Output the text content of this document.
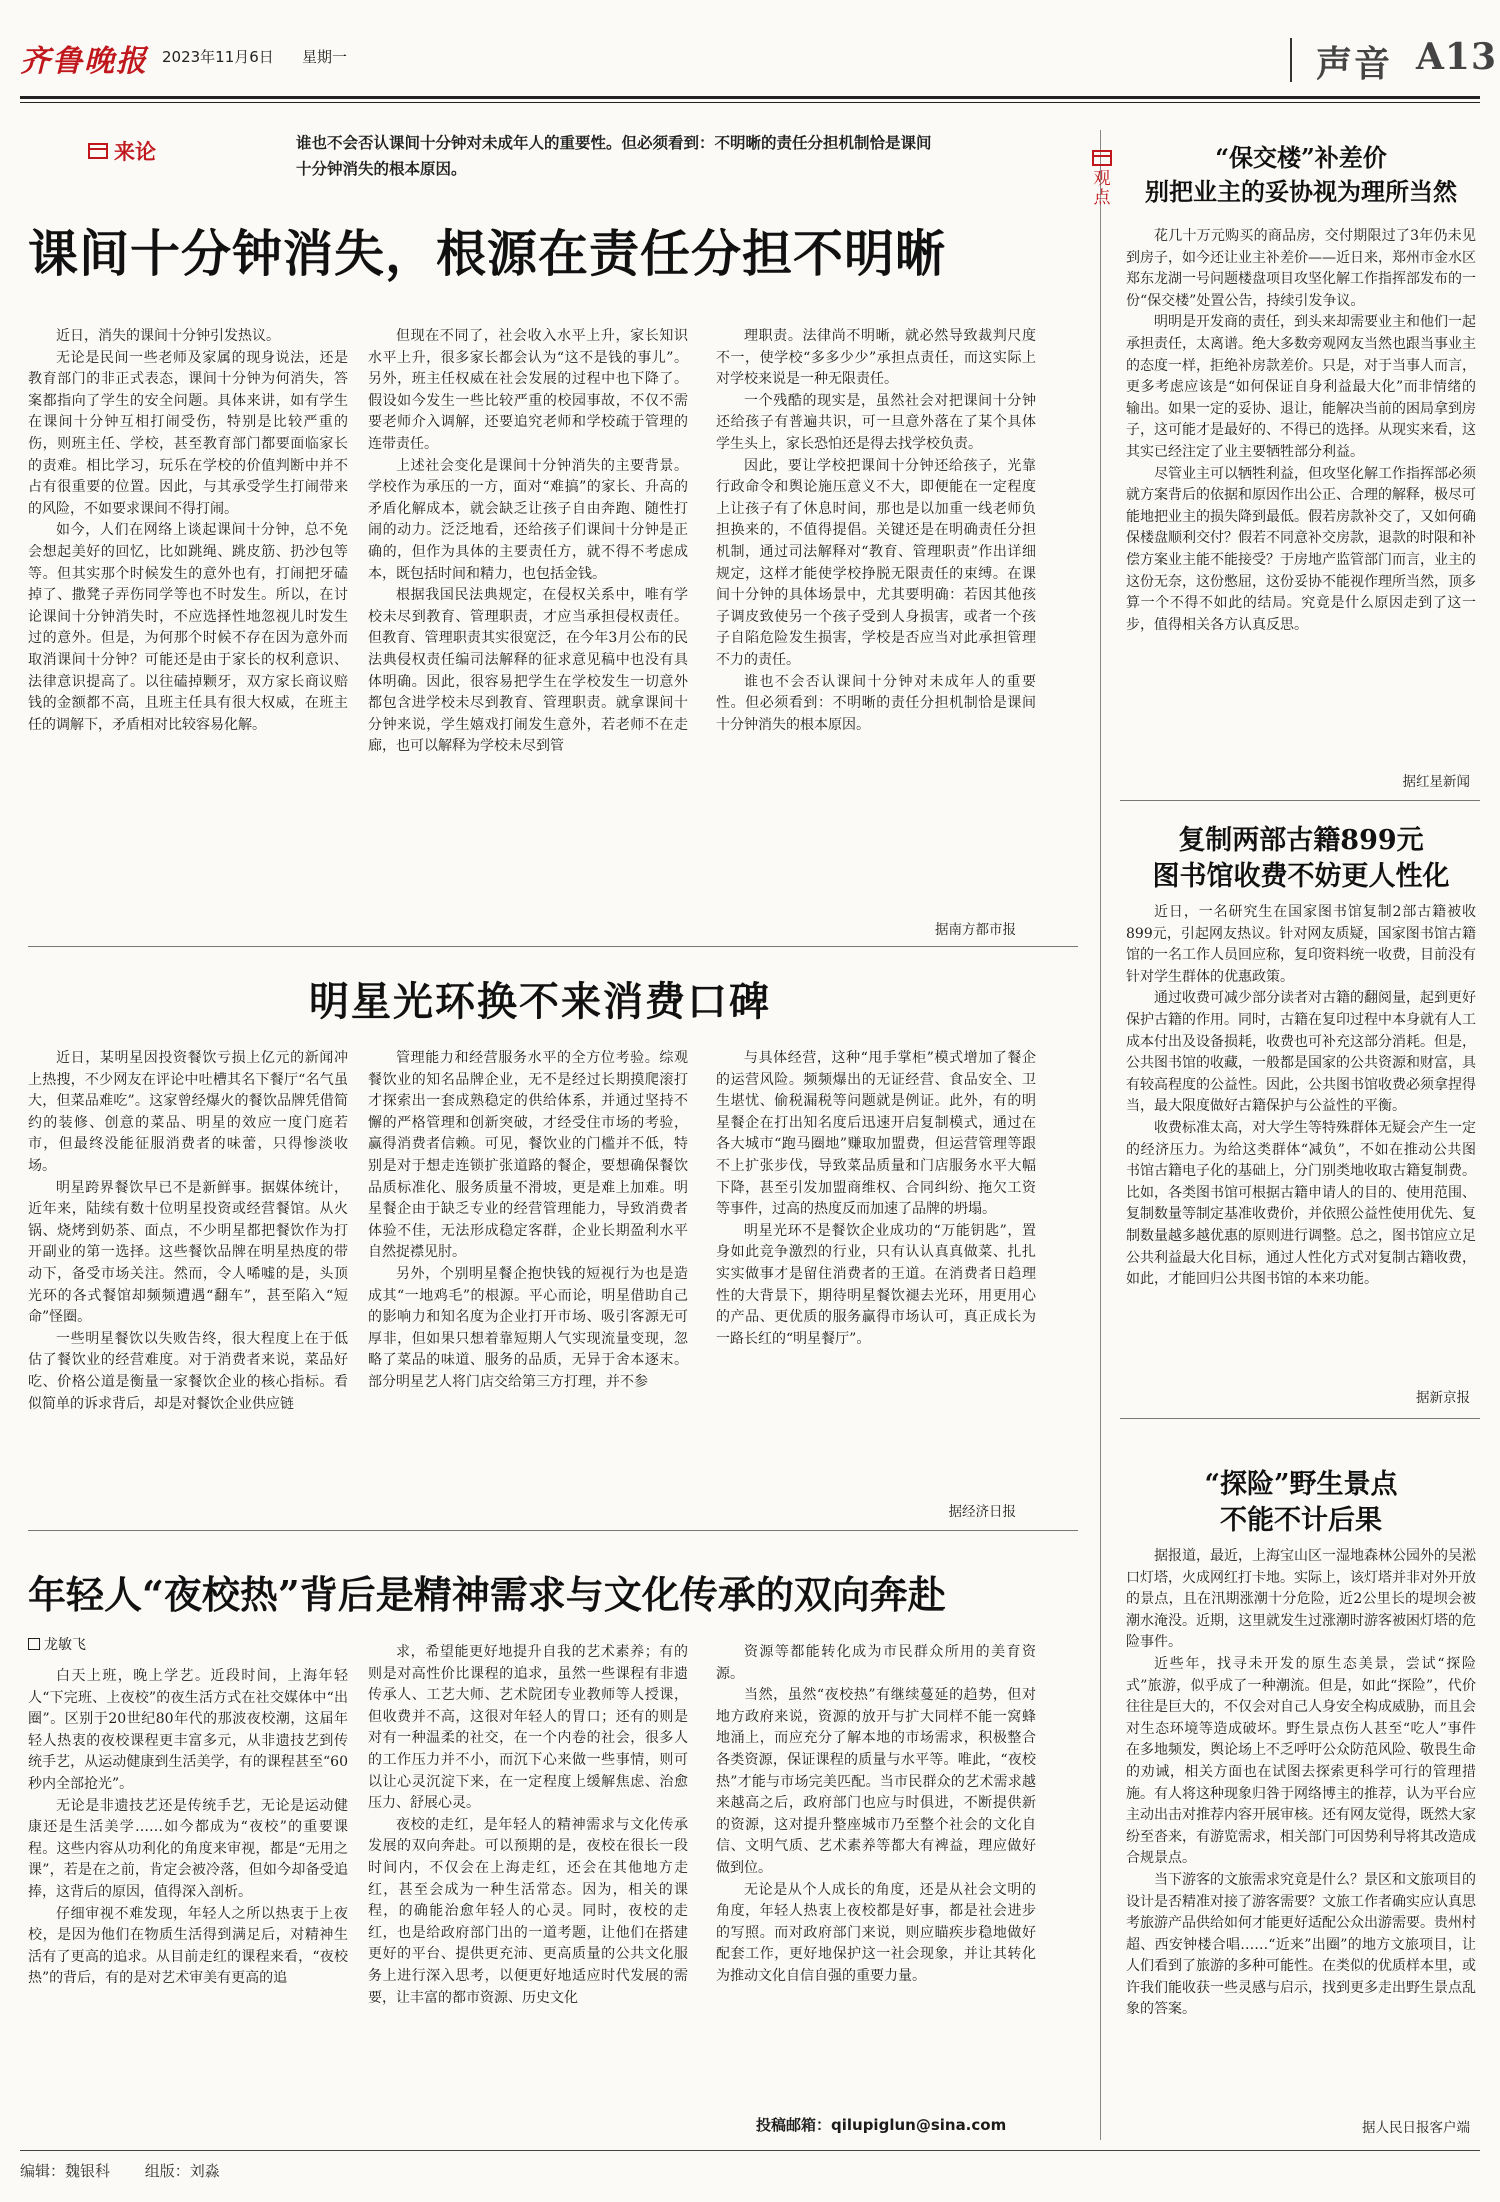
齐鲁晚报 2023年11月6日 星期一	声音 A13
来论	谁也不会否认课间十分钟对未成年人的重要性。但必须看到：不明晰的责任分担机制恰是课间十分钟消失的根本原因。
课间十分钟消失，根源在责任分担不明晰

近日，消失的课间十分钟引发热议。

无论是民间一些老师及家属的现身说法，还是教育部门的非正式表态，课间十分钟为何消失，答案都指向了学生的安全问题。具体来讲，如有学生在课间十分钟互相打闹受伤，特别是比较严重的伤，则班主任、学校，甚至教育部门都要面临家长的责难。相比学习，玩乐在学校的价值判断中并不占有很重要的位置。因此，与其承受学生打闹带来的风险，不如要求课间不得打闹。

如今，人们在网络上谈起课间十分钟，总不免会想起美好的回忆，比如跳绳、跳皮筋、扔沙包等等。但其实那个时候发生的意外也有，打闹把牙磕掉了、撒凳子弄伤同学等也不时发生。所以，在讨论课间十分钟消失时，不应选择性地忽视儿时发生过的意外。但是，为何那个时候不存在因为意外而取消课间十分钟？可能还是由于家长的权利意识、法律意识提高了。以往磕掉颗牙，双方家长商议赔钱的金额都不高，且班主任具有很大权威，在班主任的调解下，矛盾相对比较容易化解。

但现在不同了，社会收入水平上升，家长知识水平上升，很多家长都会认为“这不是钱的事儿”。另外，班主任权威在社会发展的过程中也下降了。假设如今发生一些比较严重的校园事故，不仅不需要老师介入调解，还要追究老师和学校疏于管理的连带责任。

上述社会变化是课间十分钟消失的主要背景。学校作为承压的一方，面对“难搞”的家长、升高的矛盾化解成本，就会缺乏让孩子自由奔跑、随性打闹的动力。泛泛地看，还给孩子们课间十分钟是正确的，但作为具体的主要责任方，就不得不考虑成本，既包括时间和精力，也包括金钱。

根据我国民法典规定，在侵权关系中，唯有学校未尽到教育、管理职责，才应当承担侵权责任。但教育、管理职责其实很宽泛，在今年3月公布的民法典侵权责任编司法解释的征求意见稿中也没有具体明确。因此，很容易把学生在学校发生一切意外都包含进学校未尽到教育、管理职责。就拿课间十分钟来说，学生嬉戏打闹发生意外，若老师不在走廊，也可以解释为学校未尽到管

理职责。法律尚不明晰，就必然导致裁判尺度不一，使学校“多多少少”承担点责任，而这实际上对学校来说是一种无限责任。

一个残酷的现实是，虽然社会对把课间十分钟还给孩子有普遍共识，可一旦意外落在了某个具体学生头上，家长恐怕还是得去找学校负责。

因此，要让学校把课间十分钟还给孩子，光靠行政命令和舆论施压意义不大，即便能在一定程度上让孩子有了休息时间，那也是以加重一线老师负担换来的，不值得提倡。关键还是在明确责任分担机制，通过司法解释对“教育、管理职责”作出详细规定，这样才能使学校挣脱无限责任的束缚。在课间十分钟的具体场景中，尤其要明确：若因其他孩子调皮致使另一个孩子受到人身损害，或者一个孩子自陷危险发生损害，学校是否应当对此承担管理不力的责任。

谁也不会否认课间十分钟对未成年人的重要性。但必须看到：不明晰的责任分担机制恰是课间十分钟消失的根本原因。

据南方都市报
明星光环换不来消费口碑

近日，某明星因投资餐饮亏损上亿元的新闻冲上热搜，不少网友在评论中吐槽其名下餐厅“名气虽大，但菜品难吃”。这家曾经爆火的餐饮品牌凭借简约的装修、创意的菜品、明星的效应一度门庭若市，但最终没能征服消费者的味蕾，只得惨淡收场。

明星跨界餐饮早已不是新鲜事。据媒体统计，近年来，陆续有数十位明星投资或经营餐馆。从火锅、烧烤到奶茶、面点，不少明星都把餐饮作为打开副业的第一选择。这些餐饮品牌在明星热度的带动下，备受市场关注。然而，令人唏嘘的是，头顶光环的各式餐馆却频频遭遇“翻车”，甚至陷入“短命”怪圈。

一些明星餐饮以失败告终，很大程度上在于低估了餐饮业的经营难度。对于消费者来说，菜品好吃、价格公道是衡量一家餐饮企业的核心指标。看似简单的诉求背后，却是对餐饮企业供应链

管理能力和经营服务水平的全方位考验。综观餐饮业的知名品牌企业，无不是经过长期摸爬滚打才探索出一套成熟稳定的供给体系，并通过坚持不懈的严格管理和创新突破，才经受住市场的考验，赢得消费者信赖。可见，餐饮业的门槛并不低，特别是对于想走连锁扩张道路的餐企，要想确保餐饮品质标准化、服务质量不滑坡，更是难上加难。明星餐企由于缺乏专业的经营管理能力，导致消费者体验不佳，无法形成稳定客群，企业长期盈利水平自然捉襟见肘。

另外，个别明星餐企抱快钱的短视行为也是造成其“一地鸡毛”的根源。平心而论，明星借助自己的影响力和知名度为企业打开市场、吸引客源无可厚非，但如果只想着靠短期人气实现流量变现，忽略了菜品的味道、服务的品质，无异于舍本逐末。部分明星艺人将门店交给第三方打理，并不参

与具体经营，这种“甩手掌柜”模式增加了餐企的运营风险。频频爆出的无证经营、食品安全、卫生堪忧、偷税漏税等问题就是例证。此外，有的明星餐企在打出知名度后迅速开启复制模式，通过在各大城市“跑马圈地”赚取加盟费，但运营管理等跟不上扩张步伐，导致菜品质量和门店服务水平大幅下降，甚至引发加盟商维权、合同纠纷、拖欠工资等事件，过高的热度反而加速了品牌的坍塌。

明星光环不是餐饮企业成功的“万能钥匙”，置身如此竞争激烈的行业，只有认认真真做菜、扎扎实实做事才是留住消费者的王道。在消费者日趋理性的大背景下，期待明星餐饮褪去光环，用更用心的产品、更优质的服务赢得市场认可，真正成长为一路长红的“明星餐厅”。

据经济日报
年轻人“夜校热”背后是精神需求与文化传承的双向奔赴
龙敏飞

白天上班，晚上学艺。近段时间，上海年轻人“下完班、上夜校”的夜生活方式在社交媒体中“出圈”。区别于20世纪80年代的那波夜校潮，这届年轻人热衷的夜校课程更丰富多元，从非遗技艺到传统手艺，从运动健康到生活美学，有的课程甚至“60秒内全部抢光”。

无论是非遗技艺还是传统手艺，无论是运动健康还是生活美学……如今都成为“夜校”的重要课程。这些内容从功利化的角度来审视，都是“无用之课”，若是在之前，肯定会被冷落，但如今却备受追捧，这背后的原因，值得深入剖析。

仔细审视不难发现，年轻人之所以热衷于上夜校，是因为他们在物质生活得到满足后，对精神生活有了更高的追求。从目前走红的课程来看，“夜校热”的背后，有的是对艺术审美有更高的追

求，希望能更好地提升自我的艺术素养；有的则是对高性价比课程的追求，虽然一些课程有非遗传承人、工艺大师、艺术院团专业教师等人授课，但收费并不高，这很对年轻人的胃口；还有的则是对有一种温柔的社交，在一个内卷的社会，很多人的工作压力并不小，而沉下心来做一些事情，则可以让心灵沉淀下来，在一定程度上缓解焦虑、治愈压力、舒展心灵。

夜校的走红，是年轻人的精神需求与文化传承发展的双向奔赴。可以预期的是，夜校在很长一段时间内，不仅会在上海走红，还会在其他地方走红，甚至会成为一种生活常态。因为，相关的课程，的确能治愈年轻人的心灵。同时，夜校的走红，也是给政府部门出的一道考题，让他们在搭建更好的平台、提供更充沛、更高质量的公共文化服务上进行深入思考，以便更好地适应时代发展的需要，让丰富的都市资源、历史文化

资源等都能转化成为市民群众所用的美育资源。

当然，虽然“夜校热”有继续蔓延的趋势，但对地方政府来说，资源的放开与扩大同样不能一窝蜂地涌上，而应充分了解本地的市场需求，积极整合各类资源，保证课程的质量与水平等。唯此，“夜校热”才能与市场完美匹配。当市民群众的艺术需求越来越高之后，政府部门也应与时俱进，不断提供新的资源，这对提升整座城市乃至整个社会的文化自信、文明气质、艺术素养等都大有裨益，理应做好做到位。

无论是从个人成长的角度，还是从社会文明的角度，年轻人热衷上夜校都是好事，都是社会进步的写照。而对政府部门来说，则应瞄疾步稳地做好配套工作，更好地保护这一社会现象，并让其转化为推动文化自信自强的重要力量。

投稿邮箱：qilupiglun@sina.com
观点
“保交楼”补差价
别把业主的妥协视为理所当然

花几十万元购买的商品房，交付期限过了3年仍未见到房子，如今还让业主补差价——近日来，郑州市金水区郑东龙湖一号问题楼盘项目攻坚化解工作指挥部发布的一份“保交楼”处置公告，持续引发争议。

明明是开发商的责任，到头来却需要业主和他们一起承担责任，太离谱。绝大多数旁观网友当然也跟当事业主的态度一样，拒绝补房款差价。只是，对于当事人而言，更多考虑应该是“如何保证自身利益最大化”而非情绪的输出。如果一定的妥协、退让，能解决当前的困局拿到房子，这可能才是最好的、不得已的选择。从现实来看，这其实已经注定了业主要牺牲部分利益。

尽管业主可以牺牲利益，但攻坚化解工作指挥部必须就方案背后的依据和原因作出公正、合理的解释，极尽可能地把业主的损失降到最低。假若房款补交了，又如何确保楼盘顺利交付？假若不同意补交房款，退款的时限和补偿方案业主能不能接受？于房地产监管部门而言，业主的这份无奈，这份憋屈，这份妥协不能视作理所当然，顶多算一个不得不如此的结局。究竟是什么原因走到了这一步，值得相关各方认真反思。

据红星新闻
复制两部古籍899元
图书馆收费不妨更人性化

近日，一名研究生在国家图书馆复制2部古籍被收899元，引起网友热议。针对网友质疑，国家图书馆古籍馆的一名工作人员回应称，复印资料统一收费，目前没有针对学生群体的优惠政策。

通过收费可减少部分读者对古籍的翻阅量，起到更好保护古籍的作用。同时，古籍在复印过程中本身就有人工成本付出及设备损耗，收费也可补充这部分消耗。但是，公共图书馆的收藏，一般都是国家的公共资源和财富，具有较高程度的公益性。因此，公共图书馆收费必须拿捏得当，最大限度做好古籍保护与公益性的平衡。

收费标准太高，对大学生等特殊群体无疑会产生一定的经济压力。为给这类群体“减负”，不如在推动公共图书馆古籍电子化的基础上，分门别类地收取古籍复制费。比如，各类图书馆可根据古籍申请人的目的、使用范围、复制数量等制定基准收费价，并依照公益性使用优先、复制数量越多越优惠的原则进行调整。总之，图书馆应立足公共利益最大化目标，通过人性化方式对复制古籍收费，如此，才能回归公共图书馆的本来功能。

据新京报
“探险”野生景点
不能不计后果

据报道，最近，上海宝山区一湿地森林公园外的吴淞口灯塔，火成网红打卡地。实际上，该灯塔并非对外开放的景点，且在汛期涨潮十分危险，近2公里长的堤坝会被潮水淹没。近期，这里就发生过涨潮时游客被困灯塔的危险事件。

近些年，找寻未开发的原生态美景，尝试“探险式”旅游，似乎成了一种潮流。但是，如此“探险”，代价往往是巨大的，不仅会对自己人身安全构成威胁，而且会对生态环境等造成破坏。野生景点伤人甚至“吃人”事件在多地频发，舆论场上不乏呼吁公众防范风险、敬畏生命的劝诫，相关方面也在试图去探索更科学可行的管理措施。有人将这种现象归咎于网络博主的推荐，认为平台应主动出击对推荐内容开展审核。还有网友觉得，既然大家纷至沓来，有游览需求，相关部门可因势利导将其改造成合规景点。

当下游客的文旅需求究竟是什么？景区和文旅项目的设计是否精准对接了游客需要？文旅工作者确实应认真思考旅游产品供给如何才能更好适配公众出游需要。贵州村超、西安钟楼合唱……“近来”出圈”的地方文旅项目，让人们看到了旅游的多种可能性。在类似的优质样本里，或许我们能收获一些灵感与启示，找到更多走出野生景点乱象的答案。

据人民日报客户端
编辑：魏银科 组版：刘淼
